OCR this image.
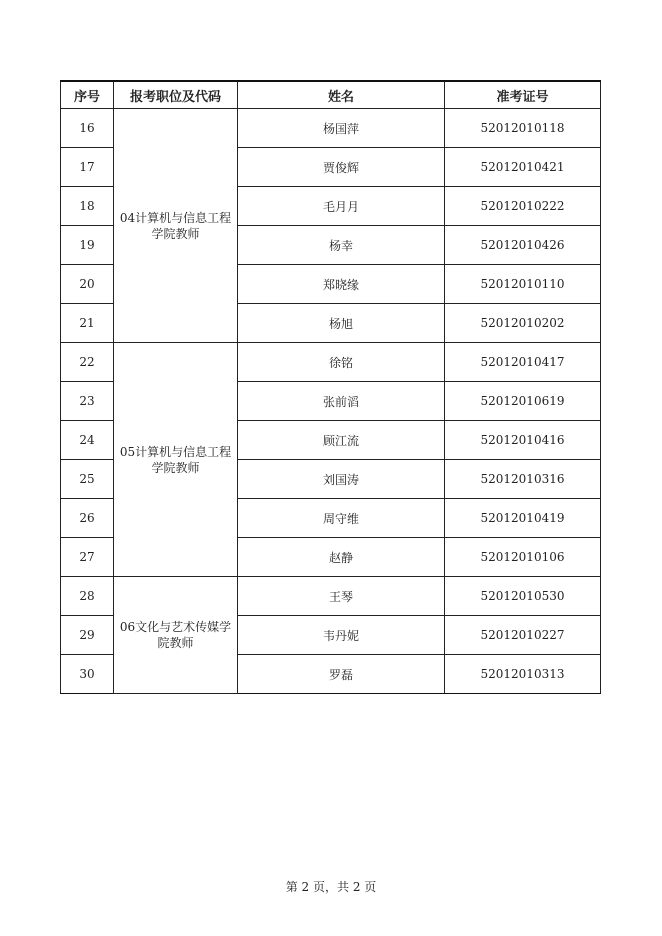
序号	报考职位及代码	姓名	准考证号
16	04计算机与信息工程学院教师	杨国萍	52012010118
17		贾俊辉	52012010421
18		毛月月	52012010222
19		杨幸	52012010426
20		郑晓缘	52012010110
21		杨旭	52012010202
22	05计算机与信息工程学院教师	徐铭	52012010417
23		张前滔	52012010619
24		顾江流	52012010416
25		刘国涛	52012010316
26		周守维	52012010419
27		赵静	52012010106
28	06文化与艺术传媒学院教师	王琴	52012010530
29		韦丹妮	52012010227
30		罗磊	52012010313
第 2 页，共 2 页
